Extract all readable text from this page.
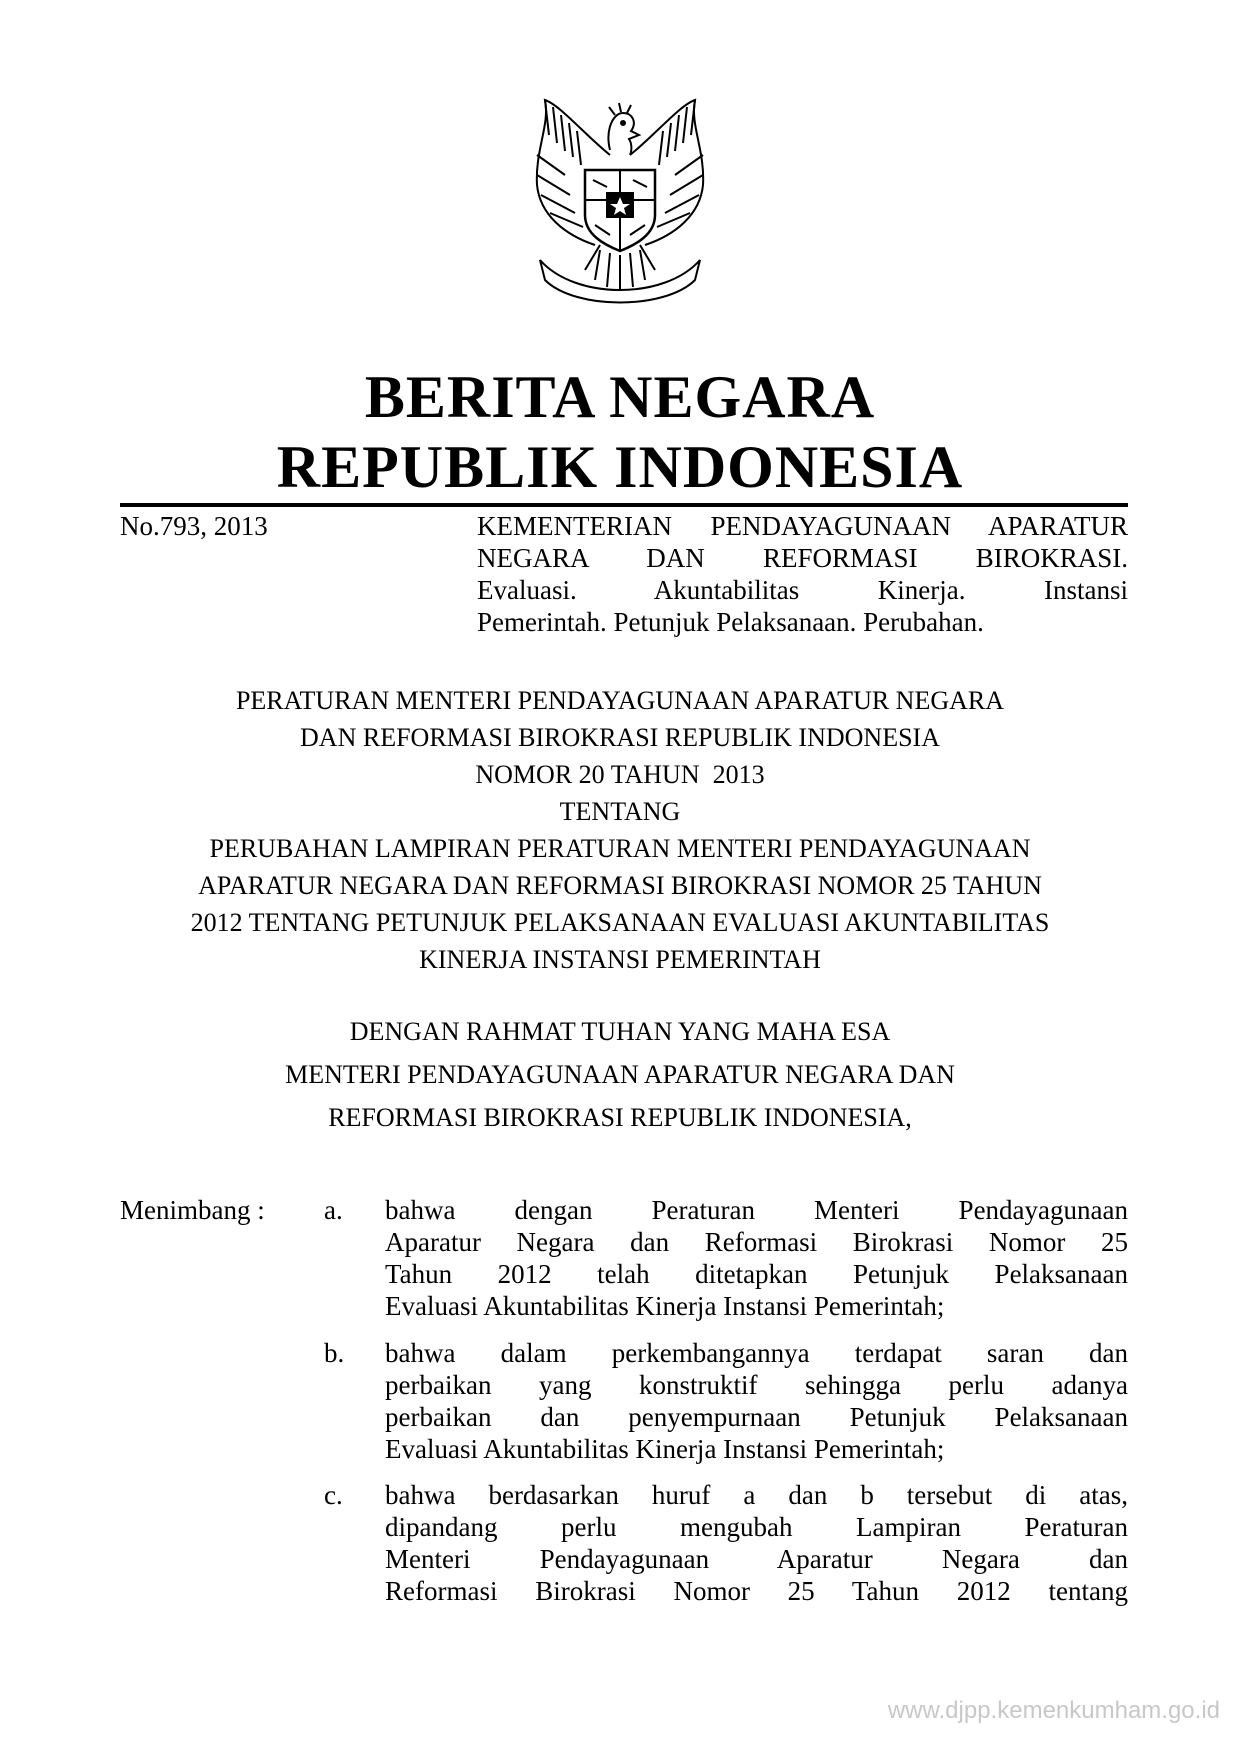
BERITA NEGARA
REPUBLIK INDONESIA
No.793, 2013	KEMENTERIAN PENDAYAGUNAAN APARATUR
NEGARA DAN REFORMASI BIROKRASI.
Evaluasi. Akuntabilitas Kinerja. Instansi
Pemerintah. Petunjuk Pelaksanaan. Perubahan.
PERATURAN MENTERI PENDAYAGUNAAN APARATUR NEGARA
DAN REFORMASI BIROKRASI REPUBLIK INDONESIA
NOMOR 20 TAHUN  2013
TENTANG
PERUBAHAN LAMPIRAN PERATURAN MENTERI PENDAYAGUNAAN
APARATUR NEGARA DAN REFORMASI BIROKRASI NOMOR 25 TAHUN
2012 TENTANG PETUNJUK PELAKSANAAN EVALUASI AKUNTABILITAS
KINERJA INSTANSI PEMERINTAH
DENGAN RAHMAT TUHAN YANG MAHA ESA
MENTERI PENDAYAGUNAAN APARATUR NEGARA DAN
REFORMASI BIROKRASI REPUBLIK INDONESIA,
Menimbang : a. bahwa dengan Peraturan Menteri Pendayagunaan
Aparatur Negara dan Reformasi Birokrasi Nomor 25
Tahun 2012 telah ditetapkan Petunjuk Pelaksanaan
Evaluasi Akuntabilitas Kinerja Instansi Pemerintah;
b. bahwa dalam perkembangannya terdapat saran dan
perbaikan yang konstruktif sehingga perlu adanya
perbaikan dan penyempurnaan Petunjuk Pelaksanaan
Evaluasi Akuntabilitas Kinerja Instansi Pemerintah;
c. bahwa berdasarkan huruf a dan b tersebut di atas,
dipandang perlu mengubah Lampiran Peraturan
Menteri Pendayagunaan Aparatur Negara dan
Reformasi Birokrasi Nomor 25 Tahun 2012 tentang
www.djpp.kemenkumham.go.id
